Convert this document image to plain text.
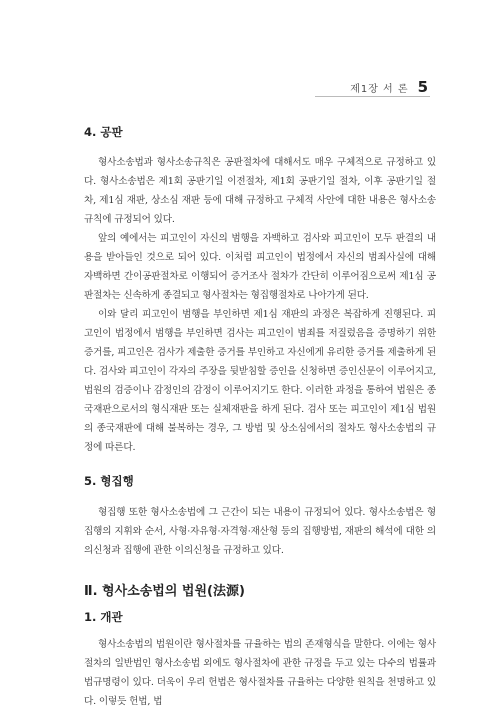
제1장 서 론 5
4. 공판

형사소송법과 형사소송규칙은 공판절차에 대해서도 매우 구체적으로 규정하고 있다. 형사소송법은 제1회 공판기일 이전절차, 제1회 공판기일 절차, 이후 공판기일 절차, 제1심 재판, 상소심 재판 등에 대해 규정하고 구체적 사안에 대한 내용은 형사소송규칙에 규정되어 있다.

앞의 예에서는 피고인이 자신의 범행을 자백하고 검사와 피고인이 모두 판결의 내용을 받아들인 것으로 되어 있다. 이처럼 피고인이 법정에서 자신의 범죄사실에 대해 자백하면 간이공판절차로 이행되어 증거조사 절차가 간단히 이루어짐으로써 제1심 공판절차는 신속하게 종결되고 형사절차는 형집행절차로 나아가게 된다.

이와 달리 피고인이 범행을 부인하면 제1심 재판의 과정은 복잡하게 진행된다. 피고인이 법정에서 범행을 부인하면 검사는 피고인이 범죄를 저질렀음을 증명하기 위한 증거를, 피고인은 검사가 제출한 증거를 부인하고 자신에게 유리한 증거를 제출하게 된다. 검사와 피고인이 각자의 주장을 뒷받침할 증인을 신청하면 증인신문이 이루어지고, 법원의 검증이나 감정인의 감정이 이루어지기도 한다. 이러한 과정을 통하여 법원은 종국재판으로서의 형식재판 또는 실체재판을 하게 된다. 검사 또는 피고인이 제1심 법원의 종국재판에 대해 불복하는 경우, 그 방법 및 상소심에서의 절차도 형사소송법의 규정에 따른다.

5. 형집행

형집행 또한 형사소송법에 그 근간이 되는 내용이 규정되어 있다. 형사소송법은 형집행의 지휘와 순서, 사형·자유형·자격형·재산형 등의 집행방법, 재판의 해석에 대한 의의신청과 집행에 관한 이의신청을 규정하고 있다.

Ⅱ. 형사소송법의 법원(法源)
1. 개관

형사소송법의 법원이란 형사절차를 규율하는 법의 존재형식을 말한다. 이에는 형사절차의 일반법인 형사소송법 외에도 형사절차에 관한 규정을 두고 있는 다수의 법률과 법규명령이 있다. 더욱이 우리 헌법은 형사절차를 규율하는 다양한 원칙을 천명하고 있다. 이렇듯 헌법, 법
